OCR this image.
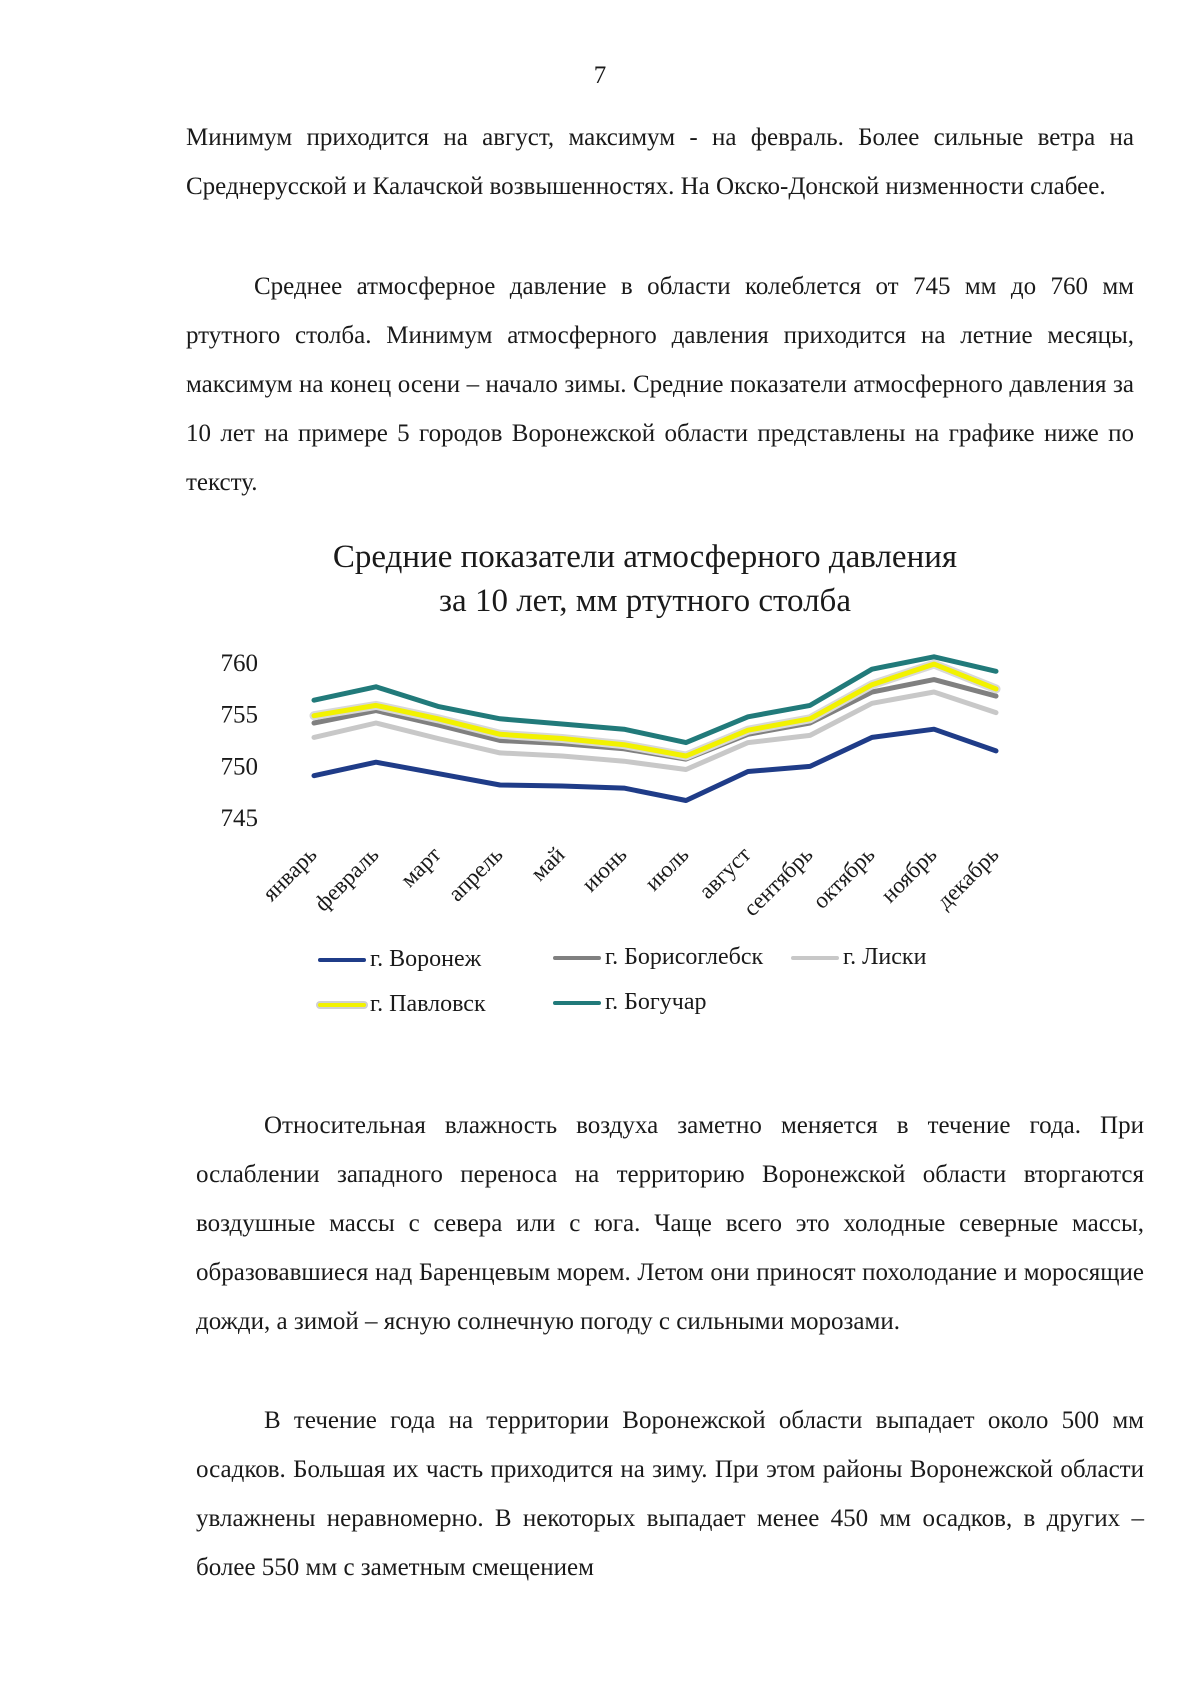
7

Минимум приходится на август, максимум - на февраль. Более сильные ветра на Среднерусской и Калачской возвышенностях. На Окско-Донской низменности слабее.

Среднее атмосферное давление в области колеблется от 745 мм до 760 мм ртутного столба. Минимум атмосферного давления приходится на летние месяцы, максимум на конец осени – начало зимы. Средние показатели атмосферного давления за 10 лет на примере 5 городов Воронежской области представлены на графике ниже по тексту.

Средние показатели атмосферного давления
за 10 лет, мм ртутного столба
760
755
750
745
январь
февраль март
апрель май июнь июль август
сентябрь
октябрь
ноябрь
декабрь
г. Воронеж	г. Борисоглебск	г. Лиски
г. Павловск	г. Богучар

Относительная влажность воздуха заметно меняется в течение года. При ослаблении западного переноса на территорию Воронежской области вторгаются воздушные массы с севера или с юга. Чаще всего это холодные северные массы, образовавшиеся над Баренцевым морем. Летом они приносят похолодание и моросящие дожди, а зимой – ясную солнечную погоду с сильными морозами.

В течение года на территории Воронежской области выпадает около 500 мм осадков. Большая их часть приходится на зиму. При этом районы Воронежской области увлажнены неравномерно. В некоторых выпадает менее 450 мм осадков, в других – более 550 мм с заметным смещением
